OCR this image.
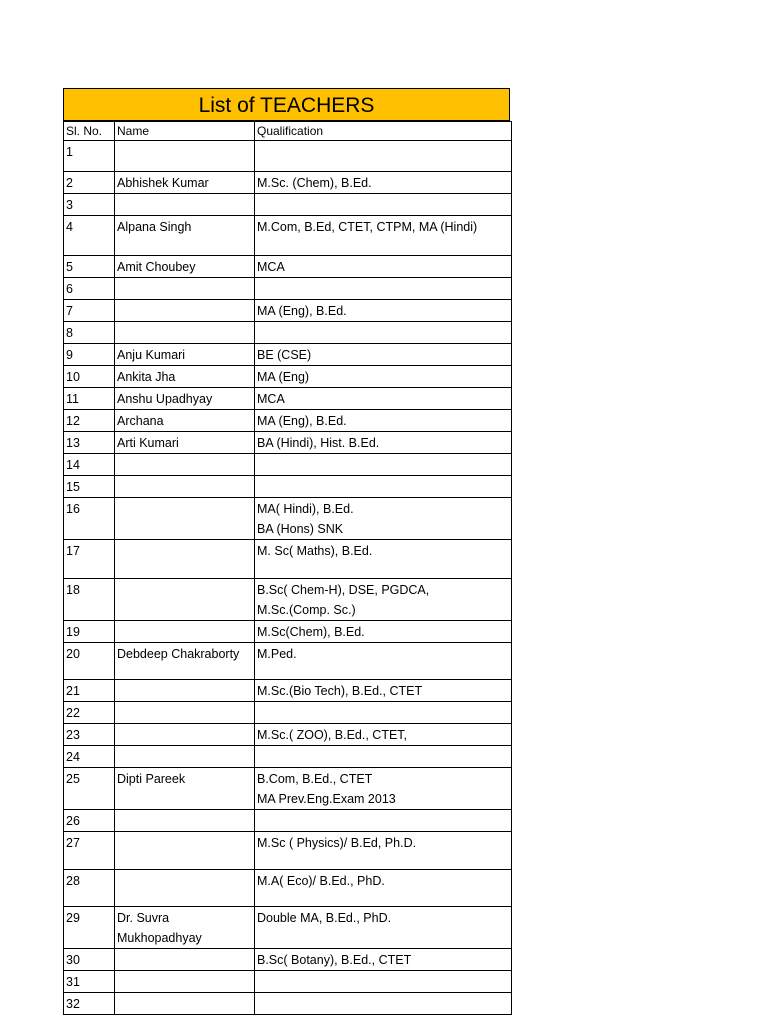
List of TEACHERS
Sl. No.	Name	Qualification
1		
2	Abhishek Kumar	M.Sc. (Chem), B.Ed.
3		
4	Alpana Singh	M.Com, B.Ed, CTET, CTPM, MA (Hindi)
5	Amit Choubey	MCA
6		
7		MA (Eng), B.Ed.
8		
9	Anju Kumari	BE (CSE)
10	Ankita Jha	MA (Eng)
11	Anshu Upadhyay	MCA
12	Archana	MA (Eng), B.Ed.
13	Arti Kumari	BA (Hindi), Hist. B.Ed.
14		
15		
16		MA( Hindi), B.Ed.
BA (Hons) SNK
17		M. Sc( Maths), B.Ed.
18		B.Sc( Chem-H), DSE, PGDCA,
M.Sc.(Comp. Sc.)
19		M.Sc(Chem), B.Ed.
20	Debdeep Chakraborty	M.Ped.
21		M.Sc.(Bio Tech), B.Ed., CTET
22		
23		M.Sc.( ZOO), B.Ed., CTET,
24		
25	Dipti Pareek	B.Com, B.Ed., CTET
MA Prev.Eng.Exam 2013
26		
27		M.Sc ( Physics)/ B.Ed, Ph.D.
28		M.A( Eco)/ B.Ed., PhD.
29	Dr. Suvra
Mukhopadhyay	Double MA, B.Ed., PhD.
30		B.Sc( Botany), B.Ed., CTET
31		
32		
